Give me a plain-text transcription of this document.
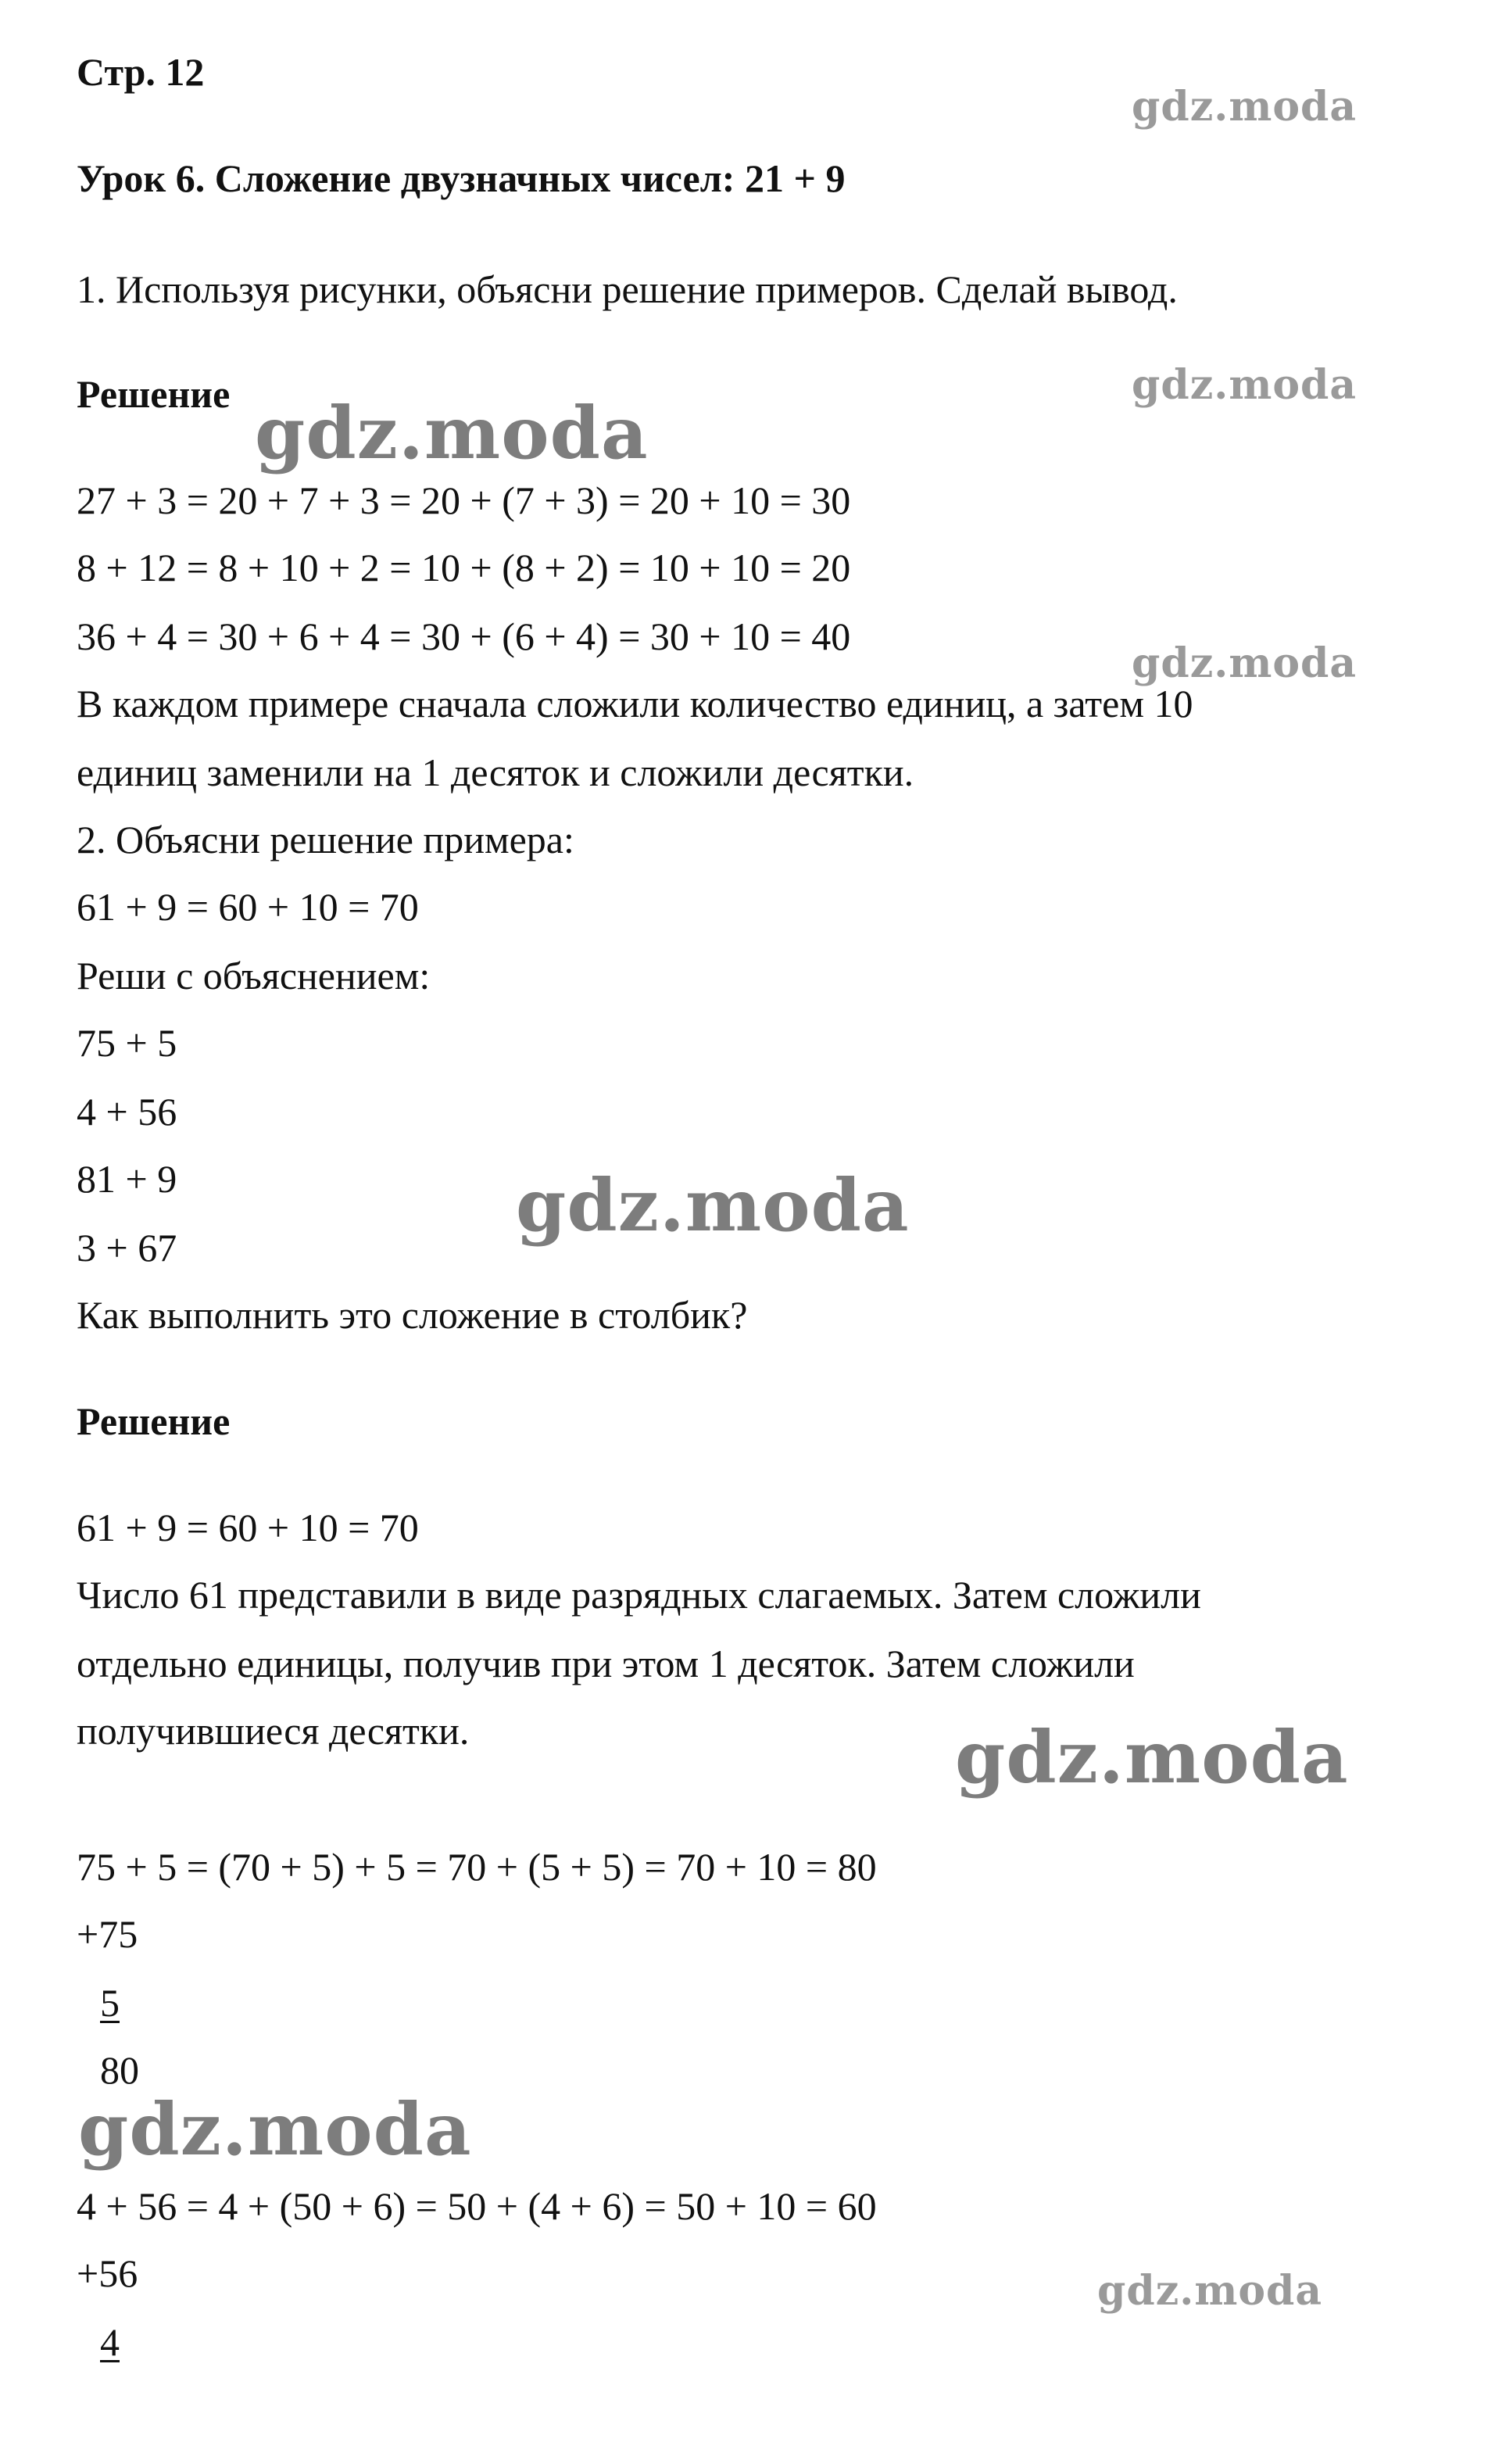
Стр. 12
Урок 6. Сложение двузначных чисел: 21 + 9
1. Используя рисунки, объясни решение примеров. Сделай вывод.
Решение
27 + 3 = 20 + 7 + 3 = 20 + (7 + 3) = 20 + 10 = 30
8 + 12 = 8 + 10 + 2 = 10 + (8 + 2) = 10 + 10 = 20
36 + 4 = 30 + 6 + 4 = 30 + (6 + 4) = 30 + 10 = 40
В каждом примере сначала сложили количество единиц, а затем 10
единиц заменили на 1 десяток и сложили десятки.
2. Объясни решение примера:
61 + 9 = 60 + 10 = 70
Реши с объяснением:
75 + 5
4 + 56
81 + 9
3 + 67
Как выполнить это сложение в столбик?
Решение
61 + 9 = 60 + 10 = 70
Число 61 представили в виде разрядных слагаемых. Затем сложили
отдельно единицы, получив при этом 1 десяток. Затем сложили
получившиеся десятки.
75 + 5 = (70 + 5) + 5 = 70 + (5 + 5) = 70 + 10 = 80
+75
5
80
4 + 56 = 4 + (50 + 6) = 50 + (4 + 6) = 50 + 10 = 60
+56
4
gdz.moda
gdz.moda
gdz.moda
gdz.moda
gdz.moda
gdz.moda
gdz.moda
gdz.moda
